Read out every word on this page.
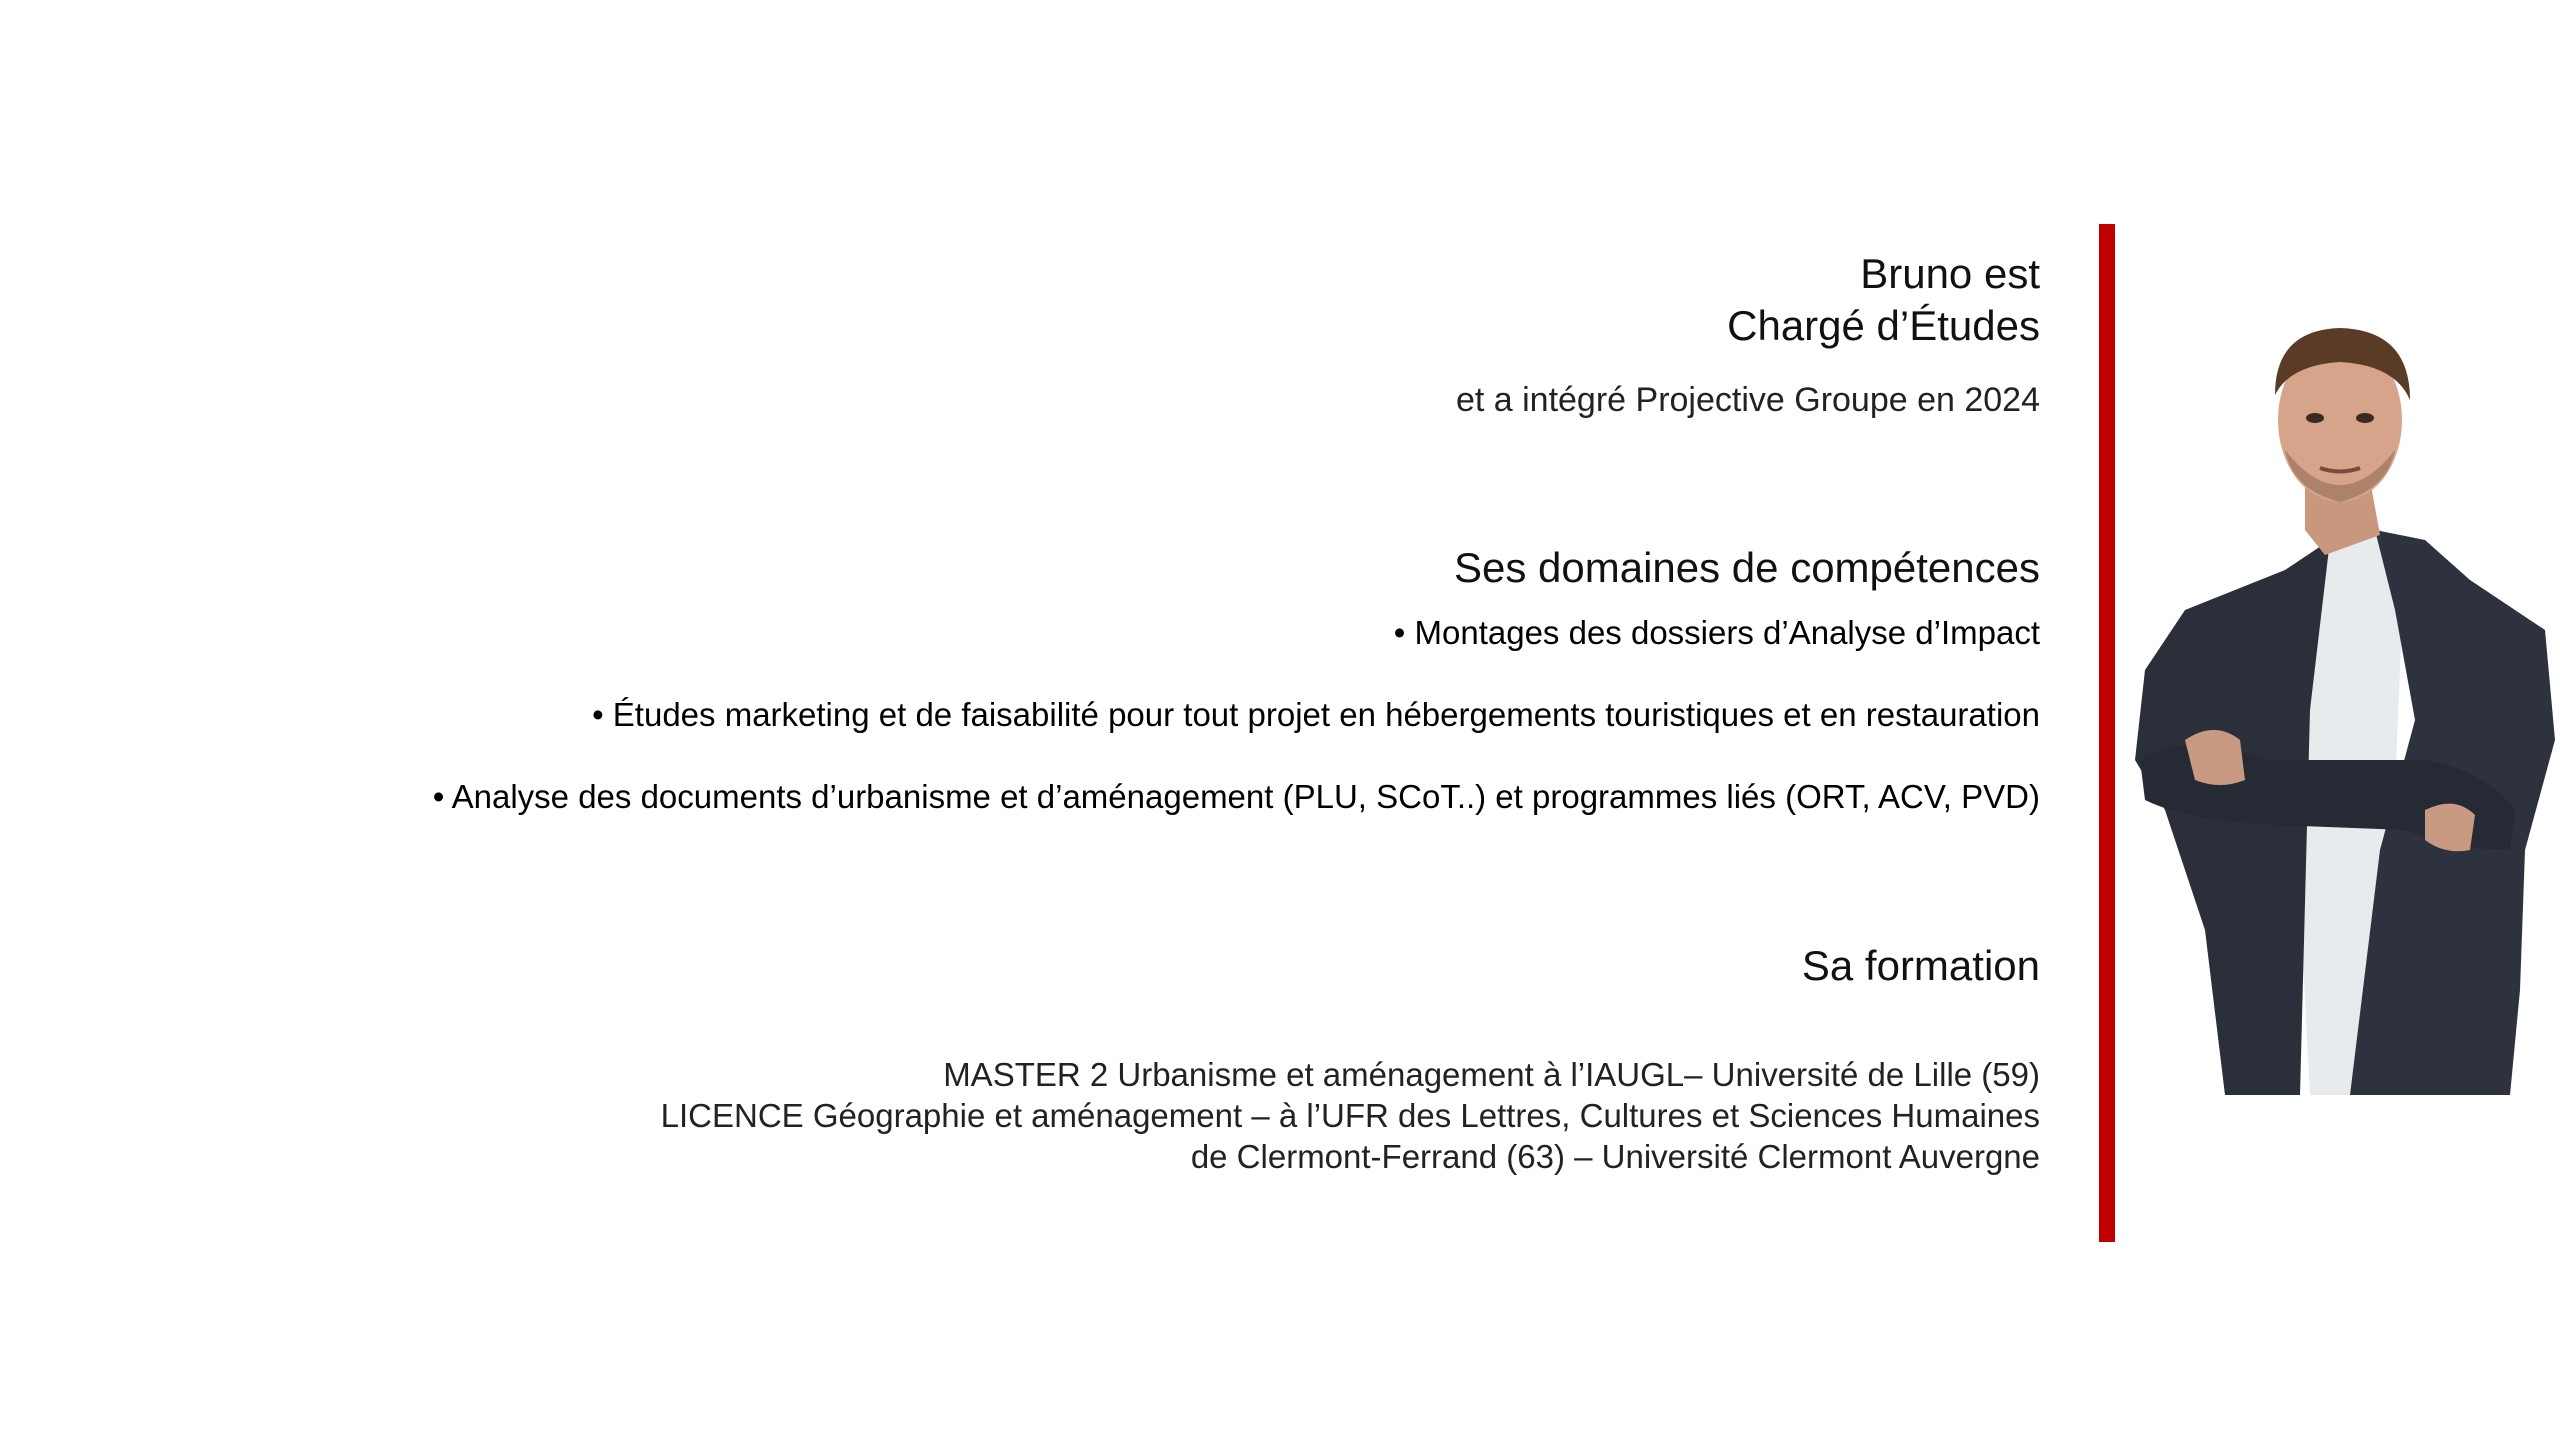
Bruno est
Chargé d’Études
et a intégré Projective Groupe en 2024
Ses domaines de compétences
• Montages des dossiers d’Analyse d’Impact
• Études marketing et de faisabilité pour tout projet en hébergements touristiques et en restauration
• Analyse des documents d’urbanisme et d’aménagement (PLU, SCoT..) et programmes liés (ORT, ACV, PVD)
Sa formation
MASTER 2 Urbanisme et aménagement à l’IAUGL– Université de Lille (59)
LICENCE Géographie et aménagement – à l’UFR des Lettres, Cultures et Sciences Humaines
de Clermont-Ferrand (63) – Université Clermont Auvergne
